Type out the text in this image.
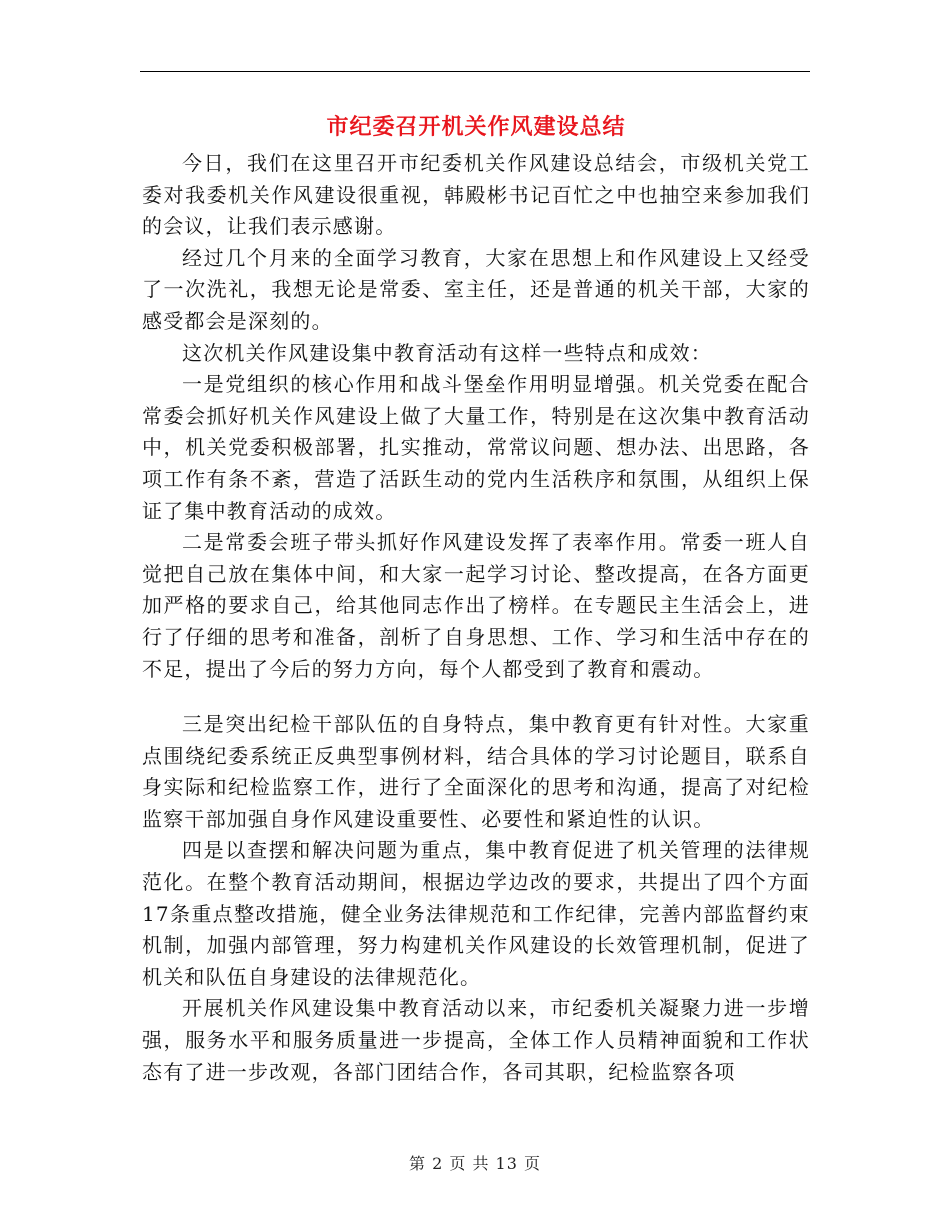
市纪委召开机关作风建设总结

今日，我们在这里召开市纪委机关作风建设总结会，市级机关党工委对我委机关作风建设很重视，韩殿彬书记百忙之中也抽空来参加我们的会议，让我们表示感谢。

经过几个月来的全面学习教育，大家在思想上和作风建设上又经受了一次洗礼，我想无论是常委、室主任，还是普通的机关干部，大家的感受都会是深刻的。

这次机关作风建设集中教育活动有这样一些特点和成效：

一是党组织的核心作用和战斗堡垒作用明显增强。机关党委在配合常委会抓好机关作风建设上做了大量工作，特别是在这次集中教育活动中，机关党委积极部署，扎实推动，常常议问题、想办法、出思路，各项工作有条不紊，营造了活跃生动的党内生活秩序和氛围，从组织上保证了集中教育活动的成效。

二是常委会班子带头抓好作风建设发挥了表率作用。常委一班人自觉把自己放在集体中间，和大家一起学习讨论、整改提高，在各方面更加严格的要求自己，给其他同志作出了榜样。在专题民主生活会上，进行了仔细的思考和准备，剖析了自身思想、工作、学习和生活中存在的不足，提出了今后的努力方向，每个人都受到了教育和震动。

三是突出纪检干部队伍的自身特点，集中教育更有针对性。大家重点围绕纪委系统正反典型事例材料，结合具体的学习讨论题目，联系自身实际和纪检监察工作，进行了全面深化的思考和沟通，提高了对纪检监察干部加强自身作风建设重要性、必要性和紧迫性的认识。

四是以查摆和解决问题为重点，集中教育促进了机关管理的法律规范化。在整个教育活动期间，根据边学边改的要求，共提出了四个方面17条重点整改措施，健全业务法律规范和工作纪律，完善内部监督约束机制，加强内部管理，努力构建机关作风建设的长效管理机制，促进了机关和队伍自身建设的法律规范化。

开展机关作风建设集中教育活动以来，市纪委机关凝聚力进一步增强，服务水平和服务质量进一步提高，全体工作人员精神面貌和工作状态有了进一步改观，各部门团结合作，各司其职，纪检监察各项

第 2 页 共 13 页
